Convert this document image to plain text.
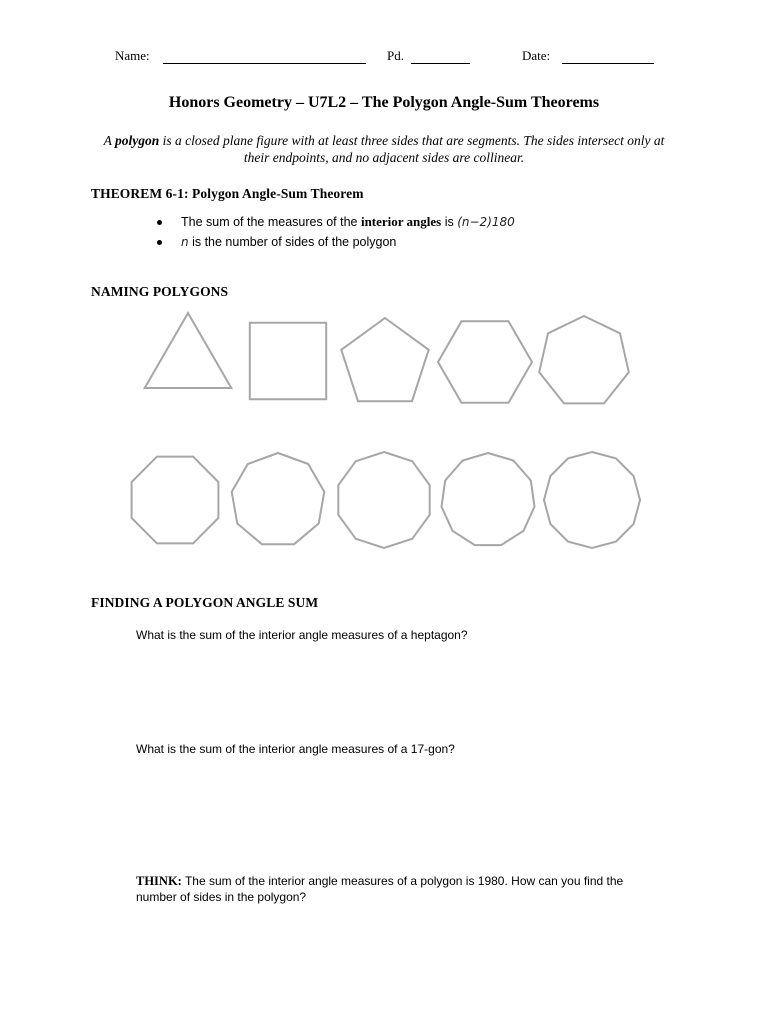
Name:	Pd.	Date:
Honors Geometry – U7L2 – The Polygon Angle-Sum Theorems
A polygon is a closed plane figure with at least three sides that are segments. The sides intersect only at their endpoints, and no adjacent sides are collinear.
THEOREM 6-1: Polygon Angle-Sum Theorem
The sum of the measures of the interior angles is (n−2)180
n is the number of sides of the polygon
NAMING POLYGONS
FINDING A POLYGON ANGLE SUM
What is the sum of the interior angle measures of a heptagon?
What is the sum of the interior angle measures of a 17-gon?
THINK: The sum of the interior angle measures of a polygon is 1980. How can you find the number of sides in the polygon?
